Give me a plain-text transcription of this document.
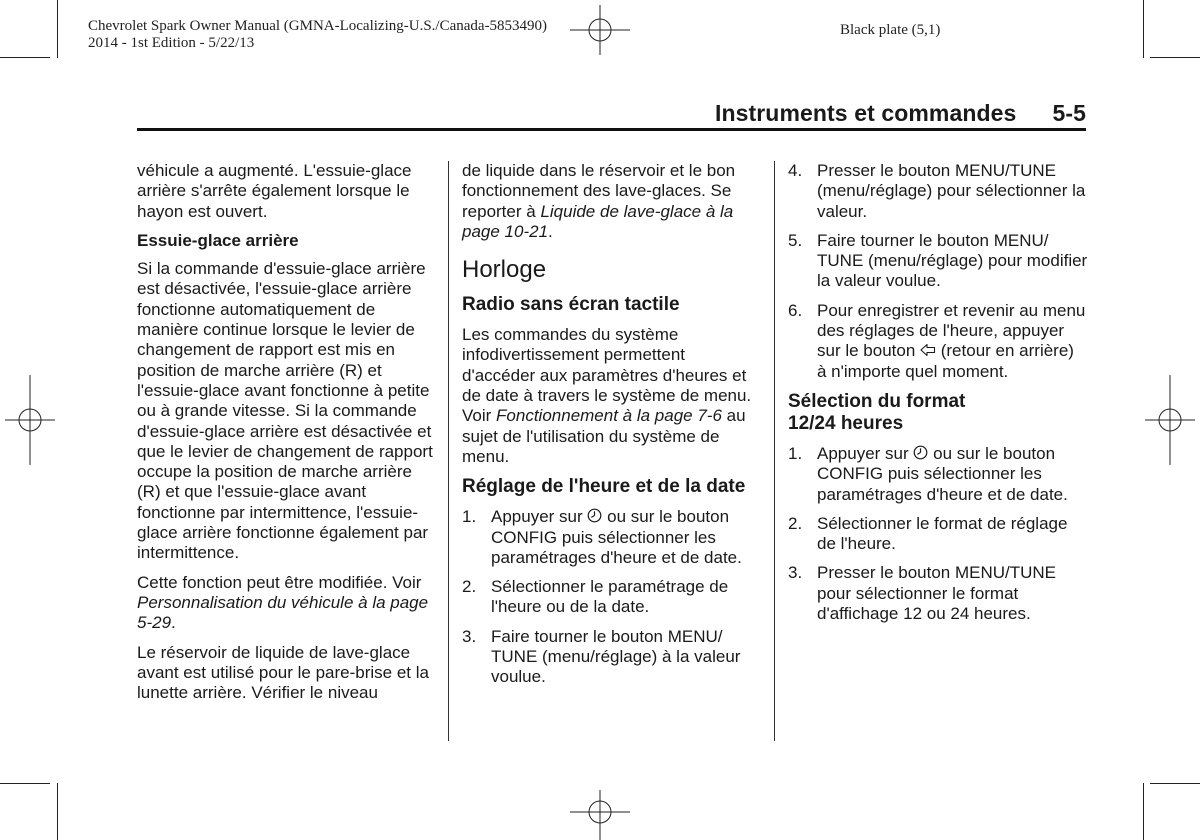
Chevrolet Spark Owner Manual (GMNA-Localizing-U.S./Canada-5853490)
2014 - 1st Edition - 5/22/13
Black plate (5,1)
Instruments et commandes 5-5

véhicule a augmenté. L'essuie-glace arrière s'arrête également lorsque le hayon est ouvert.

Essuie-glace arrière

Si la commande d'essuie-glace arrière est désactivée, l'essuie-glace arrière fonctionne automatiquement de manière continue lorsque le levier de changement de rapport est mis en position de marche arrière (R) et l'essuie-glace avant fonctionne à petite ou à grande vitesse. Si la commande d'essuie-glace arrière est désactivée et que le levier de changement de rapport occupe la position de marche arrière (R) et que l'essuie-glace avant fonctionne par intermittence, l'essuie-glace arrière fonctionne également par intermittence.

Cette fonction peut être modifiée. Voir Personnalisation du véhicule à la page 5-29.

Le réservoir de liquide de lave-glace avant est utilisé pour le pare-brise et la lunette arrière. Vérifier le niveau

de liquide dans le réservoir et le bon fonctionnement des lave-glaces. Se reporter à Liquide de lave-glace à la page 10-21.

Horloge
Radio sans écran tactile

Les commandes du système infodivertissement permettent d'accéder aux paramètres d'heures et de date à travers le système de menu. Voir Fonctionnement à la page 7-6 au sujet de l'utilisation du système de menu.

Réglage de l'heure et de la date
1. Appuyer sur  ou sur le bouton CONFIG puis sélectionner les paramétrages d'heure et de date.
2. Sélectionner le paramétrage de l'heure ou de la date.
3. Faire tourner le bouton MENU/ TUNE (menu/réglage) à la valeur voulue.
4. Presser le bouton MENU/TUNE (menu/réglage) pour sélectionner la valeur.
5. Faire tourner le bouton MENU/ TUNE (menu/réglage) pour modifier la valeur voulue.
6. Pour enregistrer et revenir au menu des réglages de l'heure, appuyer sur le bouton  (retour en arrière) à n'importe quel moment.
Sélection du format 12/24 heures
1. Appuyer sur  ou sur le bouton CONFIG puis sélectionner les paramétrages d'heure et de date.
2. Sélectionner le format de réglage de l'heure.
3. Presser le bouton MENU/TUNE pour sélectionner le format d'affichage 12 ou 24 heures.
